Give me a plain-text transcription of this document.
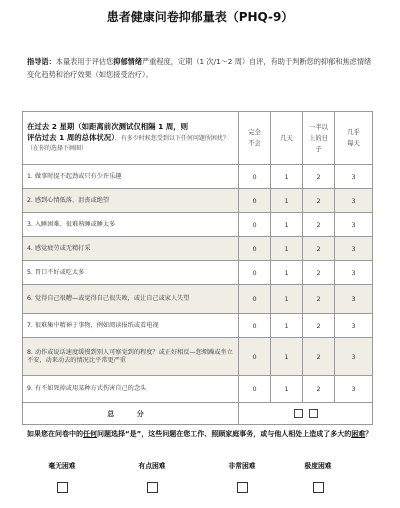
患者健康问卷抑郁量表（PHQ-9）
指导语：本量表用于评估您抑郁情绪严重程度，定期（1 次/1～2 周）自评，有助于判断您的抑郁和焦虑情绪变化趋势和治疗效果（如您接受治疗）。
在过去 2 星期（如距离前次测试仅相隔 1 周，则
评估过去 1 周的总体状况），有多少时候您受到以下任何问题所困扰？（在你的选择下画圈）	完全
不会	几天	一半以
上的日
子	几乎
每天
1. 做事时提不起劲或只有少许乐趣	0	1	2	3
2. 感到心情低落、沮丧或绝望	0	1	2	3
3. 入睡困难、很难熟睡或睡太多	0	1	2	3
4. 感觉疲劳或无精打采	0	1	2	3
5. 胃口不好或吃太多	0	1	2	3
6. 觉得自己很糟—或觉得自己很失败，或让自己或家人失望	0	1	2	3
7. 很难集中精神于事物，例如阅读报纸或看电视	0	1	2	3
8. 动作或说话速度缓慢到别人可察觉到的程度？或正好相反—您烦躁或坐立不安，动来动去的情况比平常更严重	0	1	2	3
9. 有不如死掉或用某种方式伤害自己的念头	0	1	2	3
总 分				
如果您在问卷中的任何问题选择“是”，这些问题在您工作、照顾家庭事务，或与他人相处上造成了多大的困难？
毫无困难	有点困难	非常困难	极度困难
